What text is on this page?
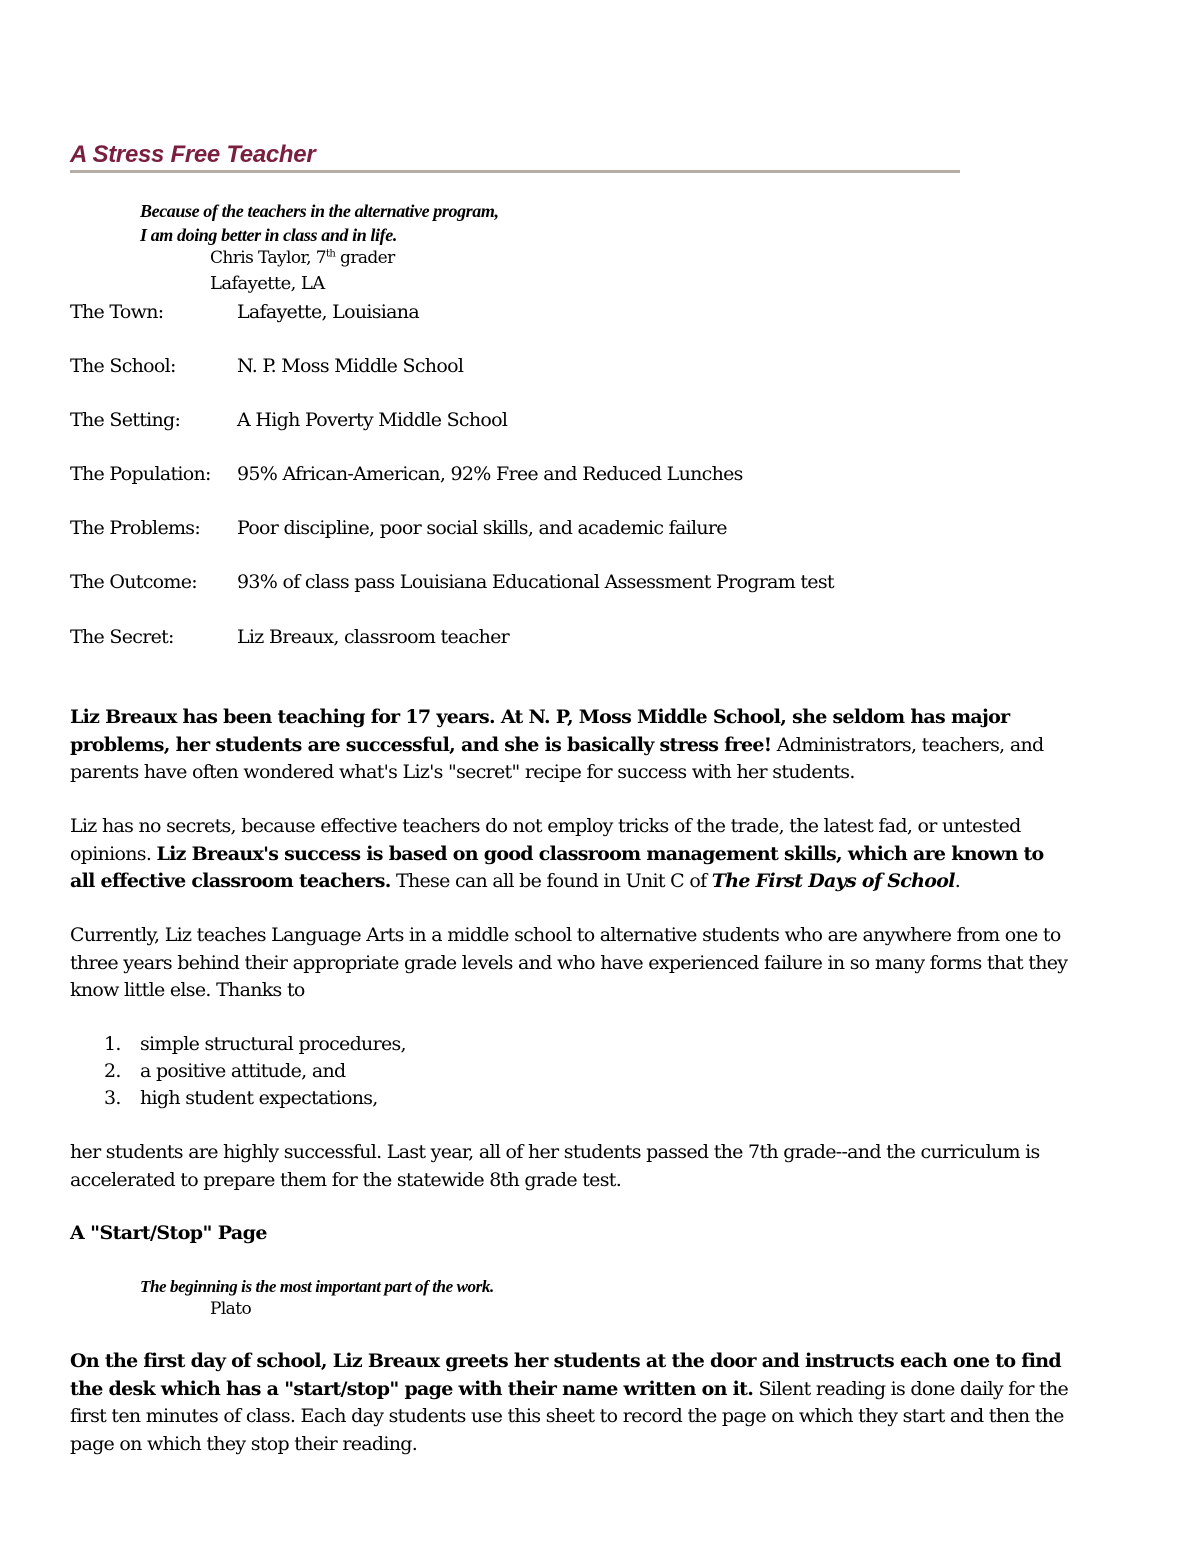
A Stress Free Teacher
Because of the teachers in the alternative program,
I am doing better in class and in life.
Chris Taylor, 7th grader
Lafayette, LA
The Town:	Lafayette, Louisiana
The School:	N. P. Moss Middle School
The Setting:	A High Poverty Middle School
The Population: 95% African-American, 92% Free and Reduced Lunches
The Problems: Poor discipline, poor social skills, and academic failure
The Outcome: 93% of class pass Louisiana Educational Assessment Program test
The Secret:	Liz Breaux, classroom teacher
Liz Breaux has been teaching for 17 years. At N. P, Moss Middle School, she seldom has major problems, her students are successful, and she is basically stress free! Administrators, teachers, and parents have often wondered what's Liz's "secret" recipe for success with her students.
Liz has no secrets, because effective teachers do not employ tricks of the trade, the latest fad, or untested opinions. Liz Breaux's success is based on good classroom management skills, which are known to all effective classroom teachers. These can all be found in Unit C of The First Days of School.
Currently, Liz teaches Language Arts in a middle school to alternative students who are anywhere from one to three years behind their appropriate grade levels and who have experienced failure in so many forms that they know little else. Thanks to
1. simple structural procedures,
2. a positive attitude, and
3. high student expectations,
her students are highly successful. Last year, all of her students passed the 7th grade--and the curriculum is accelerated to prepare them for the statewide 8th grade test.
A "Start/Stop" Page
The beginning is the most important part of the work.
Plato
On the first day of school, Liz Breaux greets her students at the door and instructs each one to find the desk which has a "start/stop" page with their name written on it. Silent reading is done daily for the first ten minutes of class. Each day students use this sheet to record the page on which they start and then the page on which they stop their reading.
